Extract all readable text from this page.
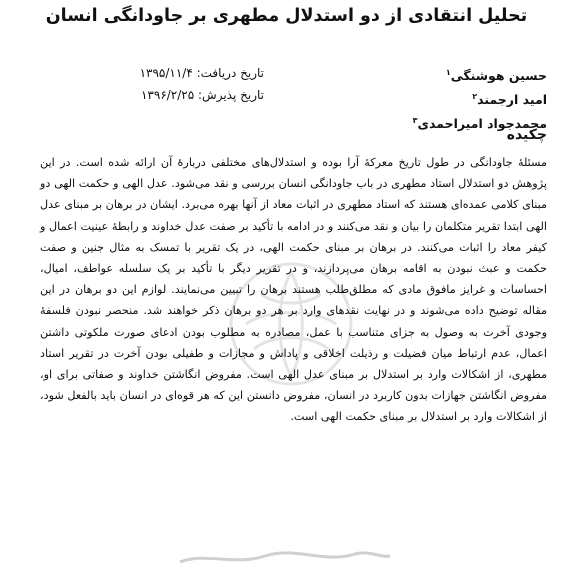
تحلیل انتقادی از دو استدلال مطهری بر جاودانگی انسان
حسین هوشنگی$^۱$
امید ارجمند$^۲$
محمدجواد امیراحمدی$^۳$
تاریخ دریافت: ۱۳۹۵/۱۱/۴
تاریخ پذیرش: ۱۳۹۶/۲/۲۵
چکیده
مسئلهٔ جاودانگی در طول تاریخ معرکهٔ آرا بوده و استدلال‌های مختلفی دربارهٔ آن ارائه شده است. در این پژوهش دو استدلال استاد مطهری در باب جاودانگی انسان بررسی و نقد می‌شود. عدل الهی و حکمت الهی دو مبنای کلامی عمده‌ای هستند که استاد مطهری در اثبات معاد از آنها بهره می‌برد. ایشان در برهان بر مبنای عدل الهی ابتدا تقریر متکلمان را بیان و نقد می‌کنند و در ادامه با تأکید بر صفت عدل خداوند و رابطهٔ عینیت اعمال و کیفر معاد را اثبات می‌کنند. در برهان بر مبنای حکمت الهی، در یک تقریر با تمسک به مثال جنین و صفت حکمت و عبث نبودن به اقامه برهان می‌پردازند، و در تقریر دیگر با تأکید بر یک سلسله عواطف، امیال، احساسات و غرایز مافوق مادی که مطلق‌طلب هستند برهان را تبیین می‌نمایند. لوازم این دو برهان در این مقاله توضیح داده می‌شوند و در نهایت نقدهای وارد بر هر دو برهان ذکر خواهند شد. منحصر نبودن فلسفهٔ وجودی آخرت به وصول به جزای متناسب با عمل، مصادره به مطلوب بودن ادعای صورت ملکوتی داشتن اعمال، عدم ارتباط میان فضیلت و رذیلت اخلاقی و پاداش و مجازات و طفیلی بودن آخرت در تقریر استاد مطهری، از اشکالات وارد بر استدلال بر مبنای عدل الهی است. مفروض انگاشتن خداوند و صفاتی برای او، مفروض انگاشتن جهازات بدون کاربرد در انسان، مفروض دانستن این که هر قوه‌ای در انسان باید بالفعل شود، از اشکالات وارد بر استدلال بر مبنای حکمت الهی است.
